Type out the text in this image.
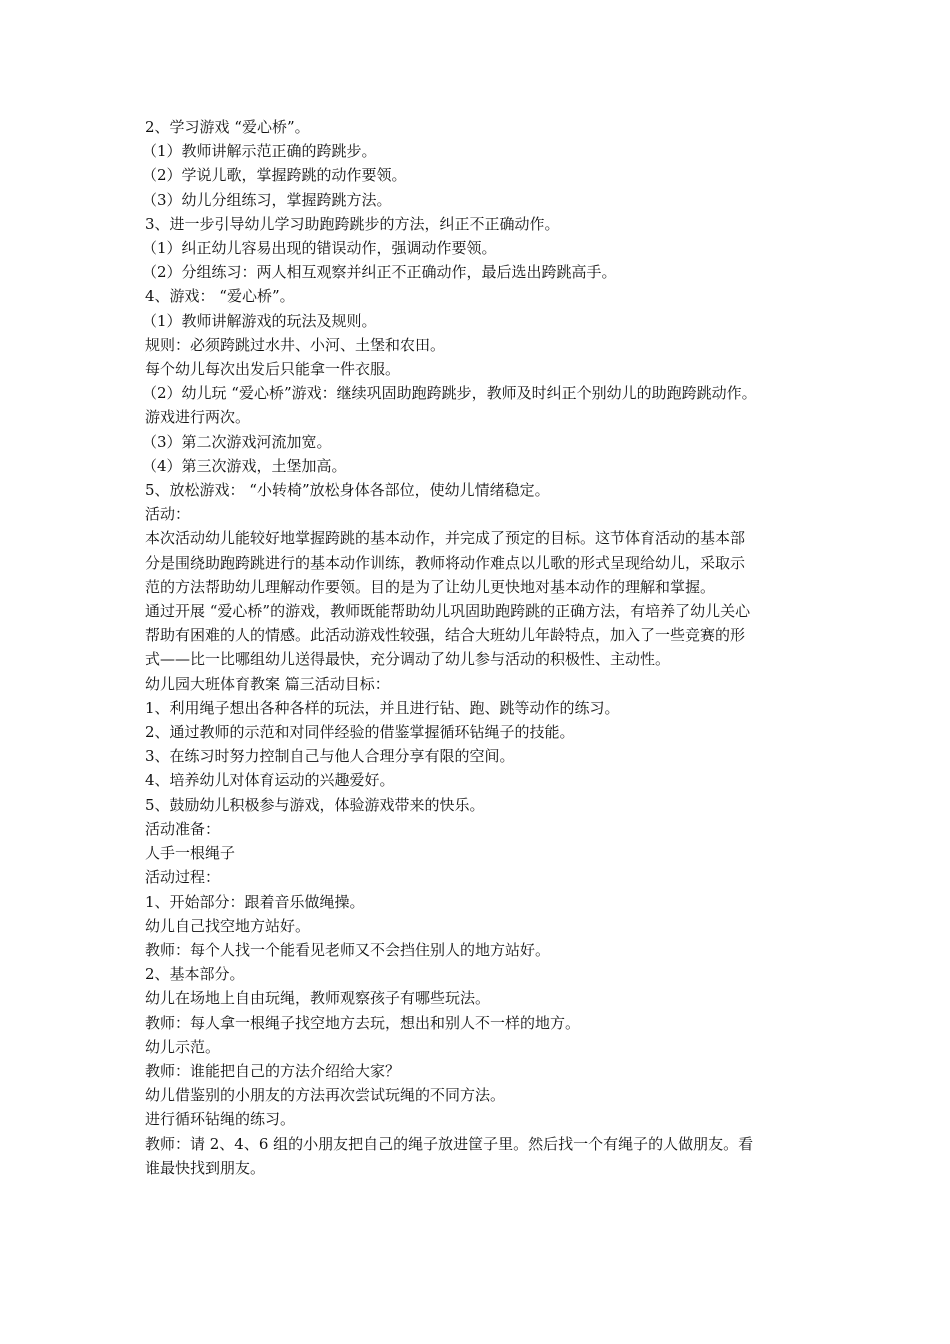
2、学习游戏 “爱心桥”。
（1）教师讲解示范正确的跨跳步。
（2）学说儿歌，掌握跨跳的动作要领。
（3）幼儿分组练习，掌握跨跳方法。
3、进一步引导幼儿学习助跑跨跳步的方法，纠正不正确动作。
（1）纠正幼儿容易出现的错误动作，强调动作要领。
（2）分组练习：两人相互观察并纠正不正确动作，最后选出跨跳高手。
4、游戏： “爱心桥”。
（1）教师讲解游戏的玩法及规则。
规则：必须跨跳过水井、小河、土堡和农田。
每个幼儿每次出发后只能拿一件衣服。
（2）幼儿玩 “爱心桥”游戏：继续巩固助跑跨跳步，教师及时纠正个别幼儿的助跑跨跳动作。
游戏进行两次。
（3）第二次游戏河流加宽。
（4）第三次游戏，土堡加高。
5、放松游戏： “小转椅”放松身体各部位，使幼儿情绪稳定。
活动：
本次活动幼儿能较好地掌握跨跳的基本动作，并完成了预定的目标。这节体育活动的基本部
分是围绕助跑跨跳进行的基本动作训练，教师将动作难点以儿歌的形式呈现给幼儿，采取示
范的方法帮助幼儿理解动作要领。目的是为了让幼儿更快地对基本动作的理解和掌握。
通过开展 “爱心桥”的游戏，教师既能帮助幼儿巩固助跑跨跳的正确方法，有培养了幼儿关心
帮助有困难的人的情感。此活动游戏性较强，结合大班幼儿年龄特点，加入了一些竞赛的形
式——比一比哪组幼儿送得最快，充分调动了幼儿参与活动的积极性、主动性。
幼儿园大班体育教案 篇三活动目标：
1、利用绳子想出各种各样的玩法，并且进行钻、跑、跳等动作的练习。
2、通过教师的示范和对同伴经验的借鉴掌握循环钻绳子的技能。
3、在练习时努力控制自己与他人合理分享有限的空间。
4、培养幼儿对体育运动的兴趣爱好。
5、鼓励幼儿积极参与游戏，体验游戏带来的快乐。
活动准备：
人手一根绳子
活动过程：
1、开始部分：跟着音乐做绳操。
幼儿自己找空地方站好。
教师：每个人找一个能看见老师又不会挡住别人的地方站好。
2、基本部分。
幼儿在场地上自由玩绳，教师观察孩子有哪些玩法。
教师：每人拿一根绳子找空地方去玩，想出和别人不一样的地方。
幼儿示范。
教师：谁能把自己的方法介绍给大家？
幼儿借鉴别的小朋友的方法再次尝试玩绳的不同方法。
进行循环钻绳的练习。
教师：请 2、4、6 组的小朋友把自己的绳子放进筐子里。然后找一个有绳子的人做朋友。看
谁最快找到朋友。
